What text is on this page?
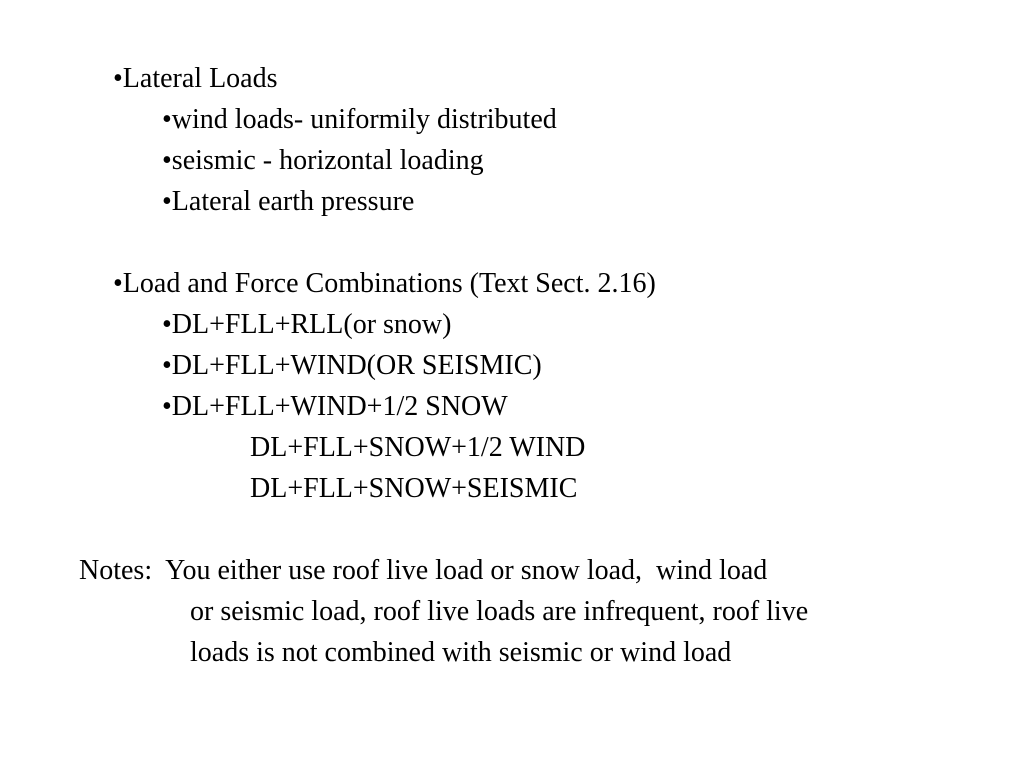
•Lateral Loads
•wind loads- uniformily distributed
•seismic - horizontal loading
•Lateral earth pressure
•Load and Force Combinations (Text Sect. 2.16)
•DL+FLL+RLL(or snow)
•DL+FLL+WIND(OR SEISMIC)
•DL+FLL+WIND+1/2 SNOW
DL+FLL+SNOW+1/2 WIND
DL+FLL+SNOW+SEISMIC
Notes:  You either use roof live load or snow load,  wind load
or seismic load, roof live loads are infrequent, roof live
loads is not combined with seismic or wind load
